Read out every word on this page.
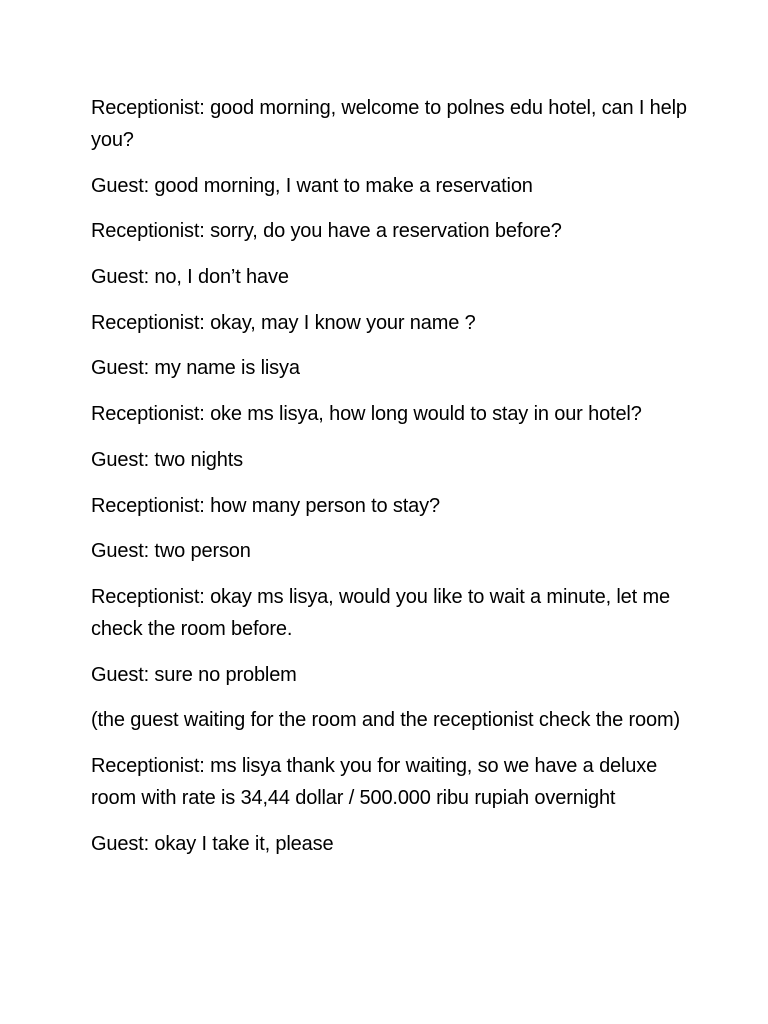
Receptionist: good morning, welcome to polnes edu hotel, can I help you?

Guest: good morning, I want to make a reservation

Receptionist: sorry, do you have a reservation before?

Guest: no, I don’t have

Receptionist: okay, may I know your name ?

Guest: my name is lisya

Receptionist: oke ms lisya, how long would to stay in our hotel?

Guest: two nights

Receptionist: how many person to stay?

Guest: two person

Receptionist: okay ms lisya, would you like to wait a minute, let me check the room before.

Guest: sure no problem

(the guest waiting for the room and the receptionist check the room)

Receptionist: ms lisya thank you for waiting, so we have a deluxe room with rate is 34,44 dollar / 500.000 ribu rupiah overnight

Guest: okay I take it, please
